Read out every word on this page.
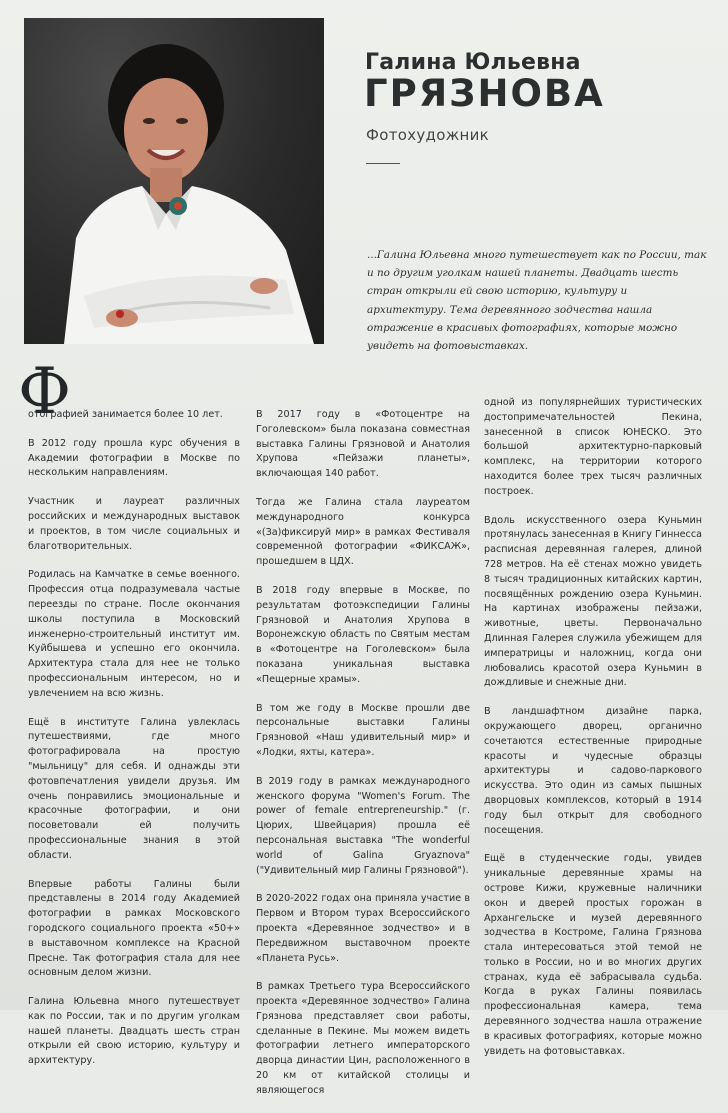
Галина Юльевна
ГРЯЗНОВА
Фотохудожник
...Галина Юльевна много путешествует как по России, так и по другим уголкам нашей планеты. Двадцать шесть стран открыли ей свою историю, культуру и архитектуру. Тема деревянного зодчества нашла отражение в красивых фотографиях, которые можно увидеть на фотовыставках.
Ф

отографией занимается более 10 лет.

В 2012 году прошла курс обучения в Академии фотографии в Москве по нескольким направлениям.

Участник и лауреат различных российских и международных выставок и проектов, в том числе социальных и благотворительных.

Родилась на Камчатке в семье военного. Профессия отца подразумевала частые переезды по стране. После окончания школы поступила в Московский инженерно-строительный институт им. Куйбышева и успешно его окончила. Архитектура стала для нее не только профессиональным интересом, но и увлечением на всю жизнь.

Ещё в институте Галина увлеклась путешествиями, где много фотографировала на простую "мыльницу" для себя. И однажды эти фотовпечатления увидели друзья. Им очень понравились эмоциональные и красочные фотографии, и они посоветовали ей получить профессиональные знания в этой области.

Впервые работы Галины были представлены в 2014 году Академией фотографии в рамках Московского городского социального проекта «50+» в выставочном комплексе на Красной Пресне. Так фотография стала для нее основным делом жизни.

Галина Юльевна много путешествует как по России, так и по другим уголкам нашей планеты. Двадцать шесть стран открыли ей свою историю, культуру и архитектуру.

В 2017 году в «Фотоцентре на Гоголевском» была показана совместная выставка Галины Грязновой и Анатолия Хрупова «Пейзажи планеты», включающая 140 работ.

Тогда же Галина стала лауреатом международного конкурса «(За)фиксируй мир» в рамках Фестиваля современной фотографии «ФИКСАЖ», прошедшем в ЦДХ.

В 2018 году впервые в Москве, по результатам фотоэкспедиции Галины Грязновой и Анатолия Хрупова в Воронежскую область по Святым местам в «Фотоцентре на Гоголевском» была показана уникальная выставка «Пещерные храмы».

В том же году в Москве прошли две персональные выставки Галины Грязновой «Наш удивительный мир» и «Лодки, яхты, катера».

В 2019 году в рамках международного женского форума "Women's Forum. The power of female entrepreneurship." (г. Цюрих, Швейцария) прошла её персональная выставка "The wonderful world of Galina Gryaznova" ("Удивительный мир Галины Грязновой").

В 2020-2022 годах она приняла участие в Первом и Втором турах Всероссийского проекта «Деревянное зодчество» и в Передвижном выставочном проекте «Планета Русь».

В рамках Третьего тура Всероссийского проекта «Деревянное зодчество» Галина Грязнова представляет свои работы, сделанные в Пекине. Мы можем видеть фотографии летнего императорского дворца династии Цин, расположенного в 20 км от китайской столицы и являющегося

одной из популярнейших туристических достопримечательностей Пекина, занесенной в список ЮНЕСКО. Это большой архитектурно-парковый комплекс, на территории которого находится более трех тысяч различных построек.

Вдоль искусственного озера Куньмин протянулась занесенная в Книгу Гиннесса расписная деревянная галерея, длиной 728 метров. На её стенах можно увидеть 8 тысяч традиционных китайских картин, посвящённых рождению озера Куньмин. На картинах изображены пейзажи, животные, цветы. Первоначально Длинная Галерея служила убежищем для императрицы и наложниц, когда они любовались красотой озера Куньмин в дождливые и снежные дни.

В ландшафтном дизайне парка, окружающего дворец, органично сочетаются естественные природные красоты и чудесные образцы архитектуры и садово-паркового искусства. Это один из самых пышных дворцовых комплексов, который в 1914 году был открыт для свободного посещения.

Ещё в студенческие годы, увидев уникальные деревянные храмы на острове Кижи, кружевные наличники окон и дверей простых горожан в Архангельске и музей деревянного зодчества в Костроме, Галина Грязнова стала интересоваться этой темой не только в России, но и во многих других странах, куда её забрасывала судьба. Когда в руках Галины появилась профессиональная камера, тема деревянного зодчества нашла отражение в красивых фотографиях, которые можно увидеть на фотовыставках.
